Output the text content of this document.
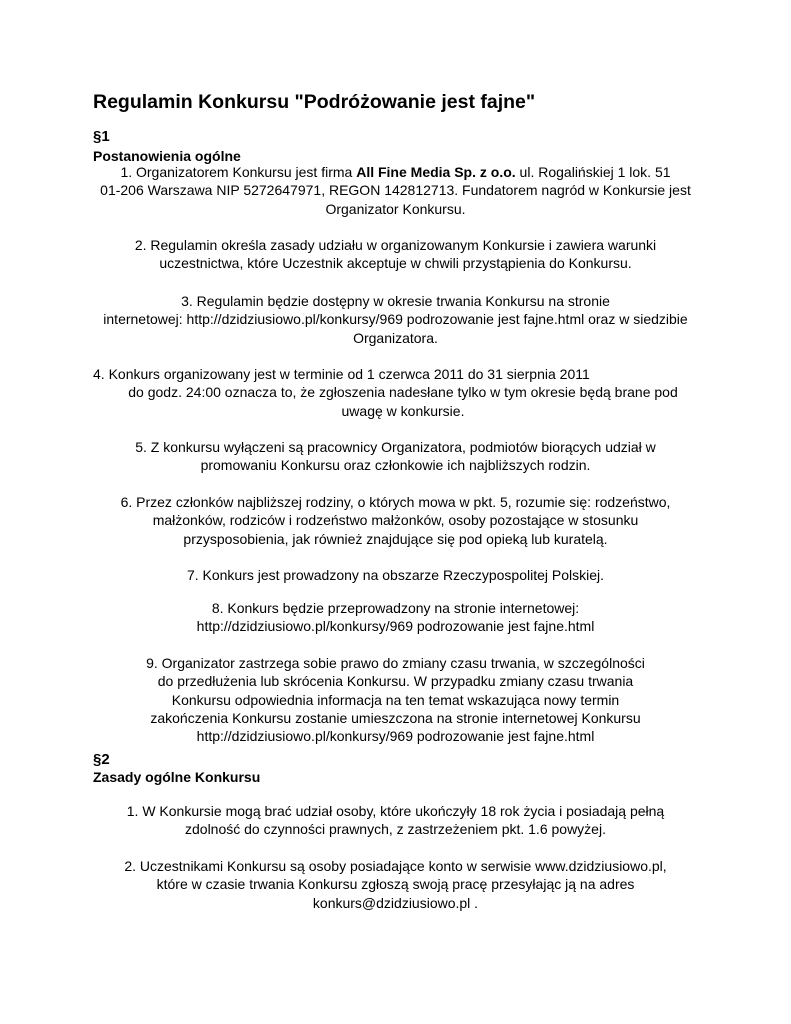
Regulamin Konkursu "Podróżowanie jest fajne"
§1
Postanowienia ogólne
1. Organizatorem Konkursu jest firma All Fine Media Sp. z o.o. ul. Rogalińskiej 1 lok. 51
01-206 Warszawa NIP 5272647971, REGON 142812713. Fundatorem nagród w Konkursie jest
Organizator Konkursu.
2. Regulamin określa zasady udziału w organizowanym Konkursie i zawiera warunki
uczestnictwa, które Uczestnik akceptuje w chwili przystąpienia do Konkursu.
3. Regulamin będzie dostępny w okresie trwania Konkursu na stronie
internetowej: http://dzidziusiowo.pl/konkursy/969 podrozowanie jest fajne.html oraz w siedzibie
Organizatora.
4. Konkurs organizowany jest w terminie od 1 czerwca 2011 do 31 sierpnia 2011
do godz. 24:00 oznacza to, że zgłoszenia nadesłane tylko w tym okresie będą brane pod
uwagę w konkursie.
5. Z konkursu wyłączeni są pracownicy Organizatora, podmiotów biorących udział w
promowaniu Konkursu oraz członkowie ich najbliższych rodzin.
6. Przez członków najbliższej rodziny, o których mowa w pkt. 5, rozumie się: rodzeństwo,
małżonków, rodziców i rodzeństwo małżonków, osoby pozostające w stosunku
przysposobienia, jak również znajdujące się pod opieką lub kuratelą.
7. Konkurs jest prowadzony na obszarze Rzeczypospolitej Polskiej.
8. Konkurs będzie przeprowadzony na stronie internetowej:
http://dzidziusiowo.pl/konkursy/969 podrozowanie jest fajne.html
9. Organizator zastrzega sobie prawo do zmiany czasu trwania, w szczególności
do przedłużenia lub skrócenia Konkursu. W przypadku zmiany czasu trwania
Konkursu odpowiednia informacja na ten temat wskazująca nowy termin
zakończenia Konkursu zostanie umieszczona na stronie internetowej Konkursu
http://dzidziusiowo.pl/konkursy/969 podrozowanie jest fajne.html
§2
Zasady ogólne Konkursu
1. W Konkursie mogą brać udział osoby, które ukończyły 18 rok życia i posiadają pełną
zdolność do czynności prawnych, z zastrzeżeniem pkt. 1.6 powyżej.
2. Uczestnikami Konkursu są osoby posiadające konto w serwisie www.dzidziusiowo.pl,
które w czasie trwania Konkursu zgłoszą swoją pracę przesyłając ją na adres
konkurs@dzidziusiowo.pl .
